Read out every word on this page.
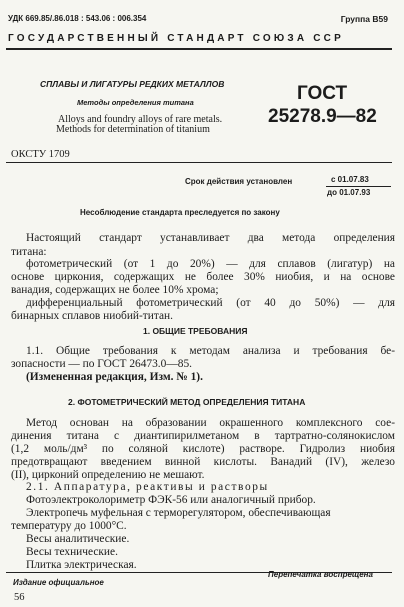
УДК 669.85/.86.018 : 543.06 : 006.354	Группа В59
ГОСУДАРСТВЕННЫЙ СТАНДАРТ СОЮЗА ССР
СПЛАВЫ И ЛИГАТУРЫ РЕДКИХ МЕТАЛЛОВ
Методы определения титана
Alloys and foundry alloys of rare metals.
Methods for determination of titanium
ГОСТ
25278.9—82
ОКСТУ 1709
Срок действия установлен	с 01.07.83
до 01.07.93
Несоблюдение стандарта преследуется по закону
Настоящий стандарт устанавливает два метода определения
титана:
фотометрический (от 1 до 20%) — для сплавов (лигатур) на
основе циркония, содержащих не более 30% ниобия, и на основе
ванадия, содержащих не более 10% хрома;
дифференциальный фотометрический (от 40 до 50%) — для
бинарных сплавов ниобий-титан.
1. ОБЩИЕ ТРЕБОВАНИЯ
1.1. Общие требования к методам анализа и требования бе-
зопасности — по ГОСТ 26473.0—85.
(Измененная редакция, Изм. № 1).
2. ФОТОМЕТРИЧЕСКИЙ МЕТОД ОПРЕДЕЛЕНИЯ ТИТАНА
Метод основан на образовании окрашенного комплексного сое-
динения титана с диантипирилметаном в тартратно-солянокислом
(1,2 моль/дм³ по соляной кислоте) растворе. Гидролиз ниобия
предотвращают введением винной кислоты. Ванадий (IV), железо
(II), цирконий определению не мешают.
2.1. Аппаратура, реактивы и растворы
Фотоэлектроколориметр ФЭК-56 или аналогичный прибор.
Электропечь муфельная с терморегулятором, обеспечивающая
температуру до 1000°С.
Весы аналитические.
Весы технические.
Плитка электрическая.
Издание официальное
Перепечатка воспрещена
56
